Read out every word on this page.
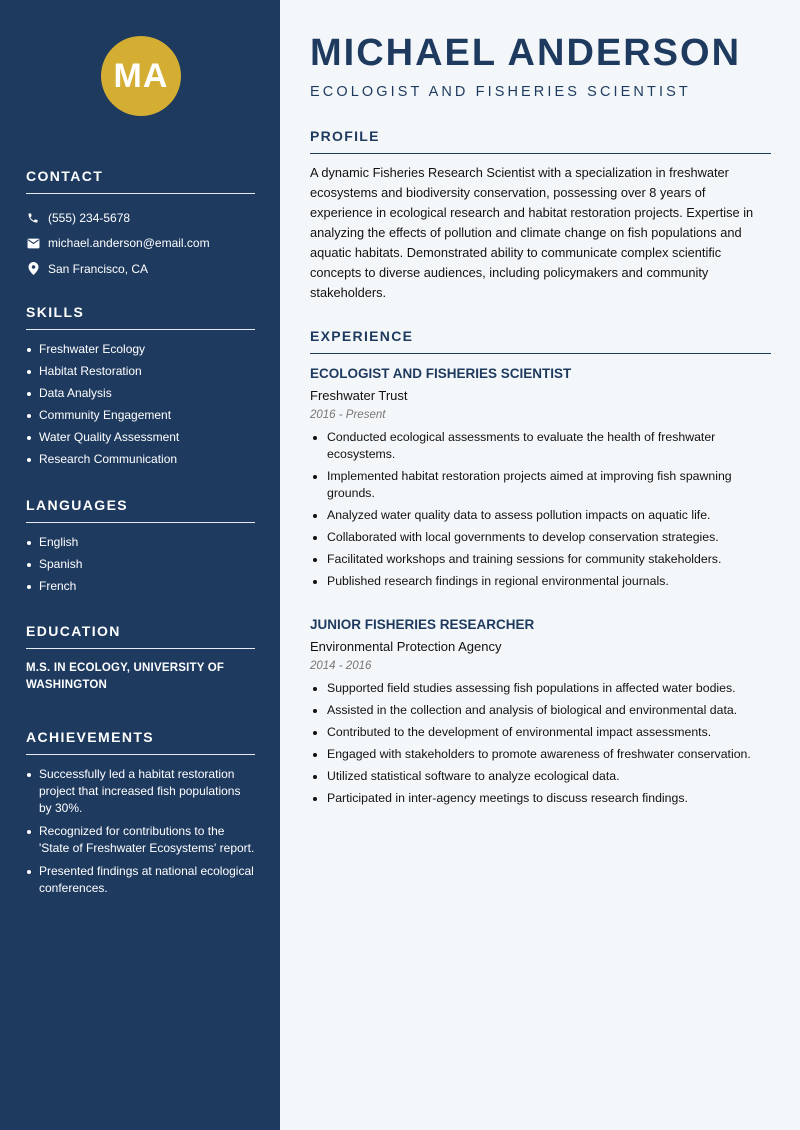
MA
CONTACT
(555) 234-5678
michael.anderson@email.com
San Francisco, CA
SKILLS
Freshwater Ecology
Habitat Restoration
Data Analysis
Community Engagement
Water Quality Assessment
Research Communication
LANGUAGES
English
Spanish
French
EDUCATION
M.S. IN ECOLOGY, UNIVERSITY OF WASHINGTON
ACHIEVEMENTS
Successfully led a habitat restoration project that increased fish populations by 30%.
Recognized for contributions to the 'State of Freshwater Ecosystems' report.
Presented findings at national ecological conferences.
MICHAEL ANDERSON
ECOLOGIST AND FISHERIES SCIENTIST
PROFILE
A dynamic Fisheries Research Scientist with a specialization in freshwater ecosystems and biodiversity conservation, possessing over 8 years of experience in ecological research and habitat restoration projects. Expertise in analyzing the effects of pollution and climate change on fish populations and aquatic habitats. Demonstrated ability to communicate complex scientific concepts to diverse audiences, including policymakers and community stakeholders.
EXPERIENCE
ECOLOGIST AND FISHERIES SCIENTIST
Freshwater Trust
2016 - Present
Conducted ecological assessments to evaluate the health of freshwater ecosystems.
Implemented habitat restoration projects aimed at improving fish spawning grounds.
Analyzed water quality data to assess pollution impacts on aquatic life.
Collaborated with local governments to develop conservation strategies.
Facilitated workshops and training sessions for community stakeholders.
Published research findings in regional environmental journals.
JUNIOR FISHERIES RESEARCHER
Environmental Protection Agency
2014 - 2016
Supported field studies assessing fish populations in affected water bodies.
Assisted in the collection and analysis of biological and environmental data.
Contributed to the development of environmental impact assessments.
Engaged with stakeholders to promote awareness of freshwater conservation.
Utilized statistical software to analyze ecological data.
Participated in inter-agency meetings to discuss research findings.
